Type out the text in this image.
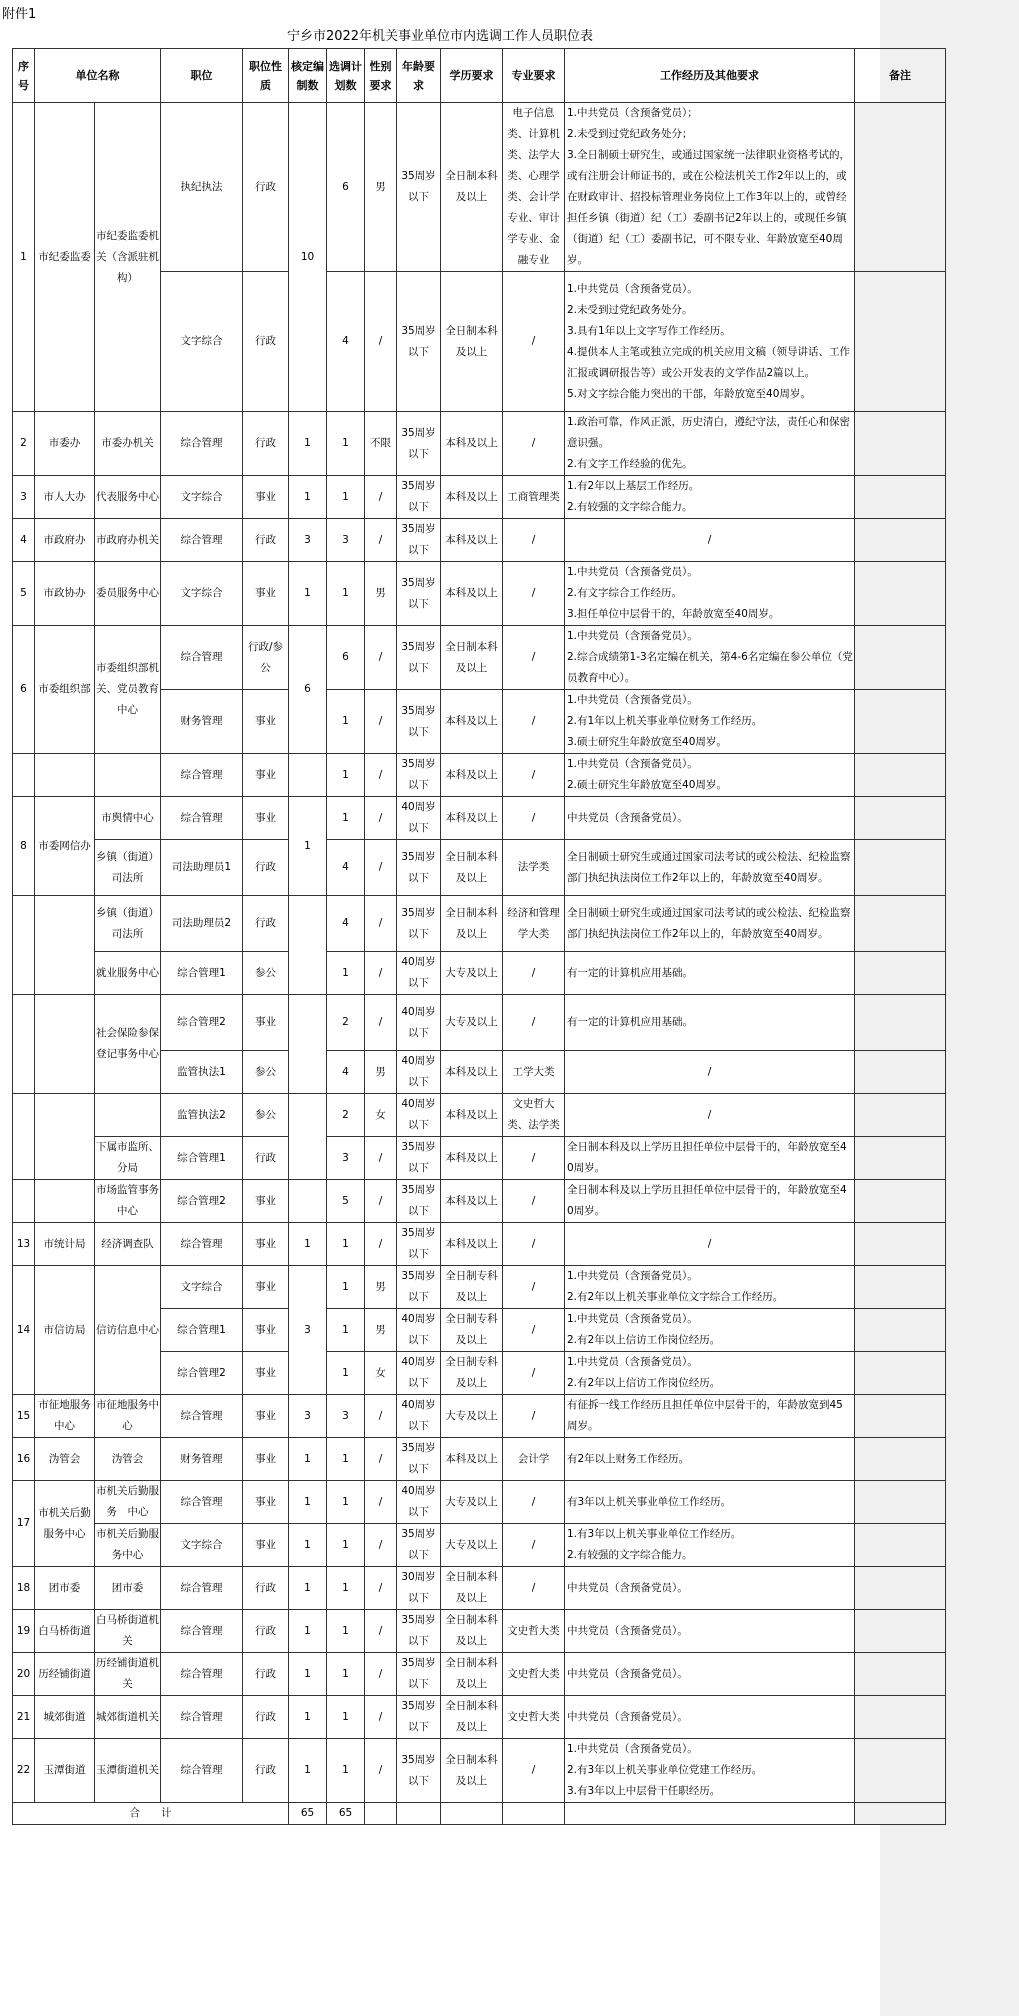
附件1
宁乡市2022年机关事业单位市内选调工作人员职位表
序号	单位名称		职位	职位性质	核定编制数	选调计划数	性别要求	年龄要求	学历要求	专业要求	工作经历及其他要求	备注
1	市纪委监委	市纪委监委机关（含派驻机构）	执纪执法	行政	10	6	男	35周岁以下	全日制本科及以上	电子信息类、计算机类、法学大类、心理学类、会计学专业、审计学专业、金融专业	1.中共党员（含预备党员）；
2.未受到过党纪政务处分；
3.全日制硕士研究生，或通过国家统一法律职业资格考试的，或有注册会计师证书的，或在公检法机关工作2年以上的，或在财政审计、招投标管理业务岗位上工作3年以上的，或曾经担任乡镇（街道）纪（工）委副书记2年以上的，或现任乡镇（街道）纪（工）委副书记，可不限专业、年龄放宽至40周岁。	

			文字综合	行政		4	/	35周岁以下	全日制本科及以上	/	1.中共党员（含预备党员）。
2.未受到过党纪政务处分。
3.具有1年以上文字写作工作经历。
4.提供本人主笔或独立完成的机关应用文稿（领导讲话、工作汇报或调研报告等）或公开发表的文学作品2篇以上。
5.对文字综合能力突出的干部，年龄放宽至40周岁。	

2	市委办	市委办机关	综合管理	行政	1	1	不限	35周岁以下	本科及以上	/	1.政治可靠，作风正派，历史清白，遵纪守法，责任心和保密意识强。
2.有文字工作经验的优先。	

3	市人大办	代表服务中心	文字综合	事业	1	1	/	35周岁以下	本科及以上	工商管理类	1.有2年以上基层工作经历。
2.有较强的文字综合能力。	

4	市政府办	市政府办机关	综合管理	行政	3	3	/	35周岁以下	本科及以上	/	/	

5	市政协办	委员服务中心	文字综合	事业	1	1	男	35周岁以下	本科及以上	/	1.中共党员（含预备党员）。
2.有文字综合工作经历。
3.担任单位中层骨干的，年龄放宽至40周岁。	

6	市委组织部	市委组织部机关、党员教育中心	综合管理	行政/参公	6	6	/	35周岁以下	全日制本科及以上	/	1.中共党员（含预备党员）。
2.综合成绩第1-3名定编在机关，第4-6名定编在参公单位（党员教育中心）。	

			财务管理	事业		1	/	35周岁以下	本科及以上	/	1.中共党员（含预备党员）。
2.有1年以上机关事业单位财务工作经历。
3.硕士研究生年龄放宽至40周岁。	

			综合管理	事业		1	/	35周岁以下	本科及以上	/	1.中共党员（含预备党员）。
2.硕士研究生年龄放宽至40周岁。	

8	市委网信办	市舆情中心	综合管理	事业	1	1	/	40周岁以下	本科及以上	/	中共党员（含预备党员）。	

		乡镇（街道）司法所	司法助理员1	行政		4	/	35周岁以下	全日制本科及以上	法学类	全日制硕士研究生或通过国家司法考试的或公检法、纪检监察部门执纪执法岗位工作2年以上的，年龄放宽至40周岁。	

		乡镇（街道）司法所	司法助理员2	行政		4	/	35周岁以下	全日制本科及以上	经济和管理学大类	全日制硕士研究生或通过国家司法考试的或公检法、纪检监察部门执纪执法岗位工作2年以上的，年龄放宽至40周岁。	

		就业服务中心	综合管理1	参公		1	/	40周岁以下	大专及以上	/	有一定的计算机应用基础。	

		社会保险参保登记事务中心	综合管理2	事业		2	/	40周岁以下	大专及以上	/	有一定的计算机应用基础。	

			监管执法1	参公		4	男	40周岁以下	本科及以上	工学大类	/	

			监管执法2	参公		2	女	40周岁以下	本科及以上	文史哲大类、法学类	/	

		下属市监所、分局	综合管理1	行政		3	/	35周岁以下	本科及以上	/	全日制本科及以上学历且担任单位中层骨干的，年龄放宽至40周岁。	

		市场监管事务中心	综合管理2	事业		5	/	35周岁以下	本科及以上	/	全日制本科及以上学历且担任单位中层骨干的，年龄放宽至40周岁。	

13	市统计局	经济调查队	综合管理	事业	1	1	/	35周岁以下	本科及以上	/	/	

14	市信访局	信访信息中心	文字综合	事业	3	1	男	35周岁以下	全日制专科及以上	/	1.中共党员（含预备党员）。
2.有2年以上机关事业单位文字综合工作经历。	

			综合管理1	事业		1	男	40周岁以下	全日制专科及以上	/	1.中共党员（含预备党员）。
2.有2年以上信访工作岗位经历。	

			综合管理2	事业		1	女	40周岁以下	全日制专科及以上	/	1.中共党员（含预备党员）。
2.有2年以上信访工作岗位经历。	

15	市征地服务中心	市征地服务中心	综合管理	事业	3	3	/	40周岁以下	大专及以上	/	有征拆一线工作经历且担任单位中层骨干的，年龄放宽到45周岁。	

16	沩管会	沩管会	财务管理	事业	1	1	/	35周岁以下	本科及以上	会计学	有2年以上财务工作经历。	

17	市机关后勤服务中心	市机关后勤服务　中心	综合管理	事业	1	1	/	40周岁以下	大专及以上	/	有3年以上机关事业单位工作经历。	

		市机关后勤服务中心	文字综合	事业	1	1	/	35周岁以下	大专及以上	/	1.有3年以上机关事业单位工作经历。
2.有较强的文字综合能力。	

18	团市委	团市委	综合管理	行政	1	1	/	30周岁以下	全日制本科及以上	/	中共党员（含预备党员）。	

19	白马桥街道	白马桥街道机关	综合管理	行政	1	1	/	35周岁以下	全日制本科及以上	文史哲大类	中共党员（含预备党员）。	

20	历经铺街道	历经铺街道机关	综合管理	行政	1	1	/	35周岁以下	全日制本科及以上	文史哲大类	中共党员（含预备党员）。	

21	城郊街道	城郊街道机关	综合管理	行政	1	1	/	35周岁以下	全日制本科及以上	文史哲大类	中共党员（含预备党员）。	

22	玉潭街道	玉潭街道机关	综合管理	行政	1	1	/	35周岁以下	全日制本科及以上	/	1.中共党员（含预备党员）。
2.有3年以上机关事业单位党建工作经历。
3.有3年以上中层骨干任职经历。	

合　　计					65	65						
